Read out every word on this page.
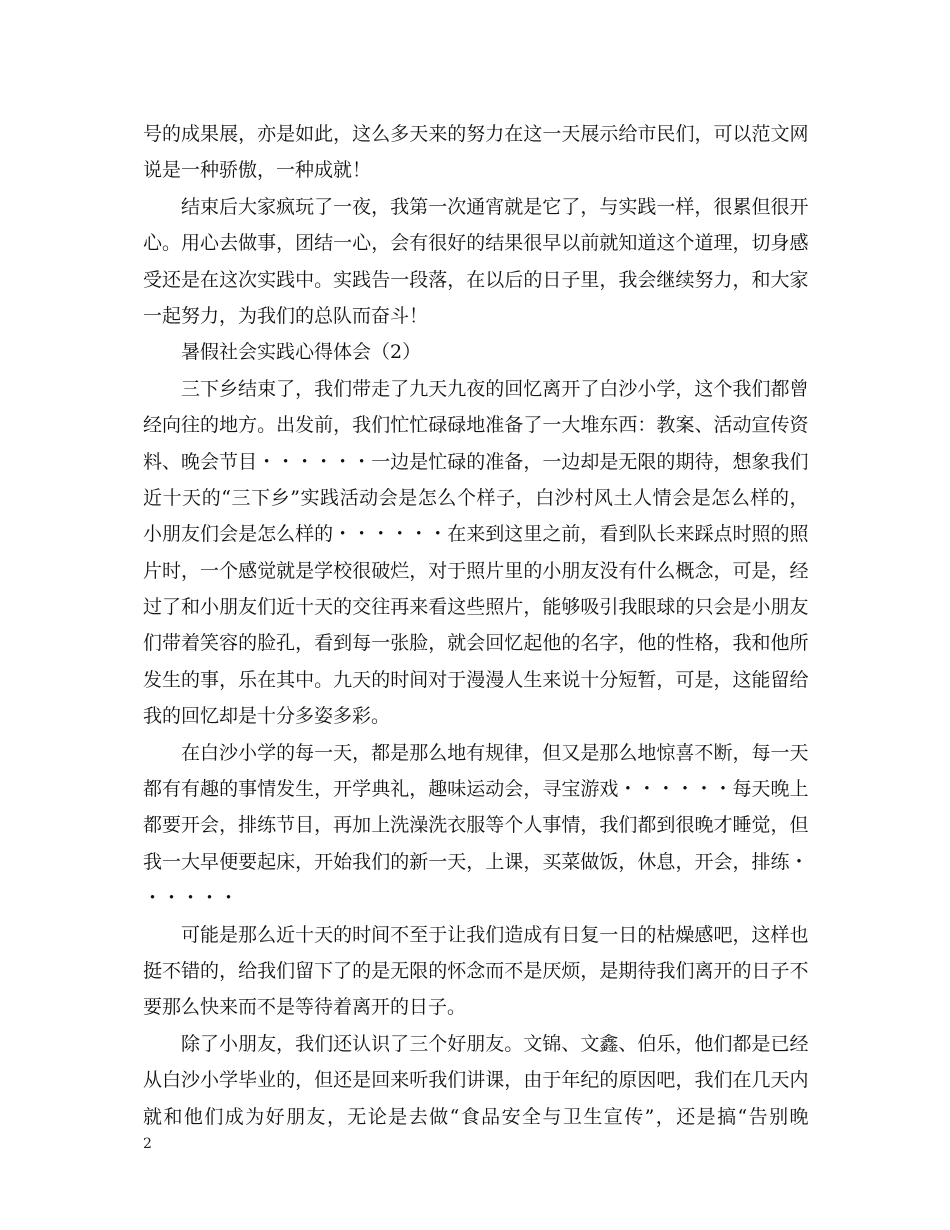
号 的 成 果 展 ， 亦 是 如 此 ， 这 么 多 天 来 的 努 力 在 这 一 天 展 示 给 市 民 们 ， 可 以 范 文 网
说是一种骄傲，一种成就！
结 束 后 大 家 疯 玩 了 一 夜 ， 我 第 一 次 通 宵 就 是 它 了 ， 与 实 践 一 样 ， 很 累 但 很 开
心 。 用 心 去 做 事 ， 团 结 一 心 ， 会 有 很 好 的 结 果 很 早 以 前 就 知 道 这 个 道 理 ， 切 身 感
受 还 是 在 这 次 实 践 中 。 实 践 告 一 段 落 ， 在 以 后 的 日 子 里 ， 我 会 继 续 努 力 ， 和 大 家
一起努力，为我们的总队而奋斗！
暑假社会实践心得体会（2）
三 下 乡 结 束 了 ， 我 们 带 走 了 九 天 九 夜 的 回 忆 离 开 了 白 沙 小 学 ， 这 个 我 们 都 曾
经 向 往 的 地 方 。 出 发 前 ， 我 们 忙 忙 碌 碌 地 准 备 了 一 大 堆 东 西 ： 教 案 、 活 动 宣 传 资
料 、 晚 会 节 目 ・ ・ ・ ・ ・ ・ 一 边 是 忙 碌 的 准 备 ， 一 边 却 是 无 限 的 期 待 ， 想 象 我 们
近 十 天 的 “ 三 下 乡 ” 实 践 活 动 会 是 怎 么 个 样 子 ， 白 沙 村 风 土 人 情 会 是 怎 么 样 的 ，
小 朋 友 们 会 是 怎 么 样 的 ・ ・ ・ ・ ・ ・ 在 来 到 这 里 之 前 ， 看 到 队 长 来 踩 点 时 照 的 照
片 时 ， 一 个 感 觉 就 是 学 校 很 破 烂 ， 对 于 照 片 里 的 小 朋 友 没 有 什 么 概 念 ， 可 是 ， 经
过 了 和 小 朋 友 们 近 十 天 的 交 往 再 来 看 这 些 照 片 ， 能 够 吸 引 我 眼 球 的 只 会 是 小 朋 友
们 带 着 笑 容 的 脸 孔 ， 看 到 每 一 张 脸 ， 就 会 回 忆 起 他 的 名 字 ， 他 的 性 格 ， 我 和 他 所
发 生 的 事 ， 乐 在 其 中 。 九 天 的 时 间 对 于 漫 漫 人 生 来 说 十 分 短 暂 ， 可 是 ， 这 能 留 给
我的回忆却是十分多姿多彩。
在 白 沙 小 学 的 每 一 天 ， 都 是 那 么 地 有 规 律 ， 但 又 是 那 么 地 惊 喜 不 断 ， 每 一 天
都 有 有 趣 的 事 情 发 生 ， 开 学 典 礼 ， 趣 味 运 动 会 ， 寻 宝 游 戏 ・ ・ ・ ・ ・ ・ 每 天 晚 上
都 要 开 会 ， 排 练 节 目 ， 再 加 上 洗 澡 洗 衣 服 等 个 人 事 情 ， 我 们 都 到 很 晚 才 睡 觉 ， 但
我 一 大 早 便 要 起 床 ， 开 始 我 们 的 新 一 天 ， 上 课 ， 买 菜 做 饭 ， 休 息 ， 开 会 ， 排 练 ・
・・・・・
可 能 是 那 么 近 十 天 的 时 间 不 至 于 让 我 们 造 成 有 日 复 一 日 的 枯 燥 感 吧 ， 这 样 也
挺 不 错 的 ， 给 我 们 留 下 了 的 是 无 限 的 怀 念 而 不 是 厌 烦 ， 是 期 待 我 们 离 开 的 日 子 不
要那么快来而不是等待着离开的日子。
除 了 小 朋 友 ， 我 们 还 认 识 了 三 个 好 朋 友 。 文 锦 、 文 鑫 、 伯 乐 ， 他 们 都 是 已 经
从 白 沙 小 学 毕 业 的 ， 但 还 是 回 来 听 我 们 讲 课 ， 由 于 年 纪 的 原 因 吧 ， 我 们 在 几 天 内
就 和 他 们 成 为 好 朋 友 ， 无 论 是 去 做 “ 食 品 安 全 与 卫 生 宣 传 ” ， 还 是 搞 “ 告 别 晚
2
